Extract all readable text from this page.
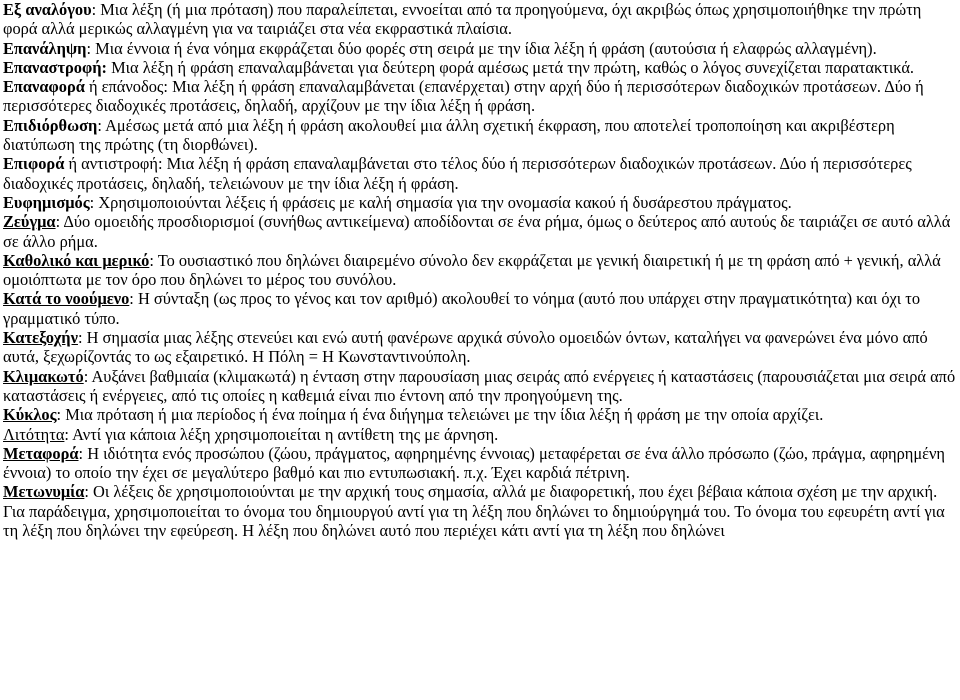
Εξ αναλόγου: Μια λέξη (ή μια πρόταση) που παραλείπεται, εννοείται από τα προηγούμενα, όχι ακριβώς όπως χρησιμοποιήθηκε την πρώτη φορά αλλά μερικώς αλλαγμένη για να ταιριάζει στα νέα εκφραστικά πλαίσια.

Επανάληψη: Μια έννοια ή ένα νόημα εκφράζεται δύο φορές στη σειρά με την ίδια λέξη ή φράση (αυτούσια ή ελαφρώς αλλαγμένη).

Επαναστροφή: Μια λέξη ή φράση επαναλαμβάνεται για δεύτερη φορά αμέσως μετά την πρώτη, καθώς ο λόγος συνεχίζεται παρατακτικά.

Επαναφορά ή επάνοδος: Μια λέξη ή φράση επαναλαμβάνεται (επανέρχεται) στην αρχή δύο ή περισσότερων διαδοχικών προτάσεων. Δύο ή περισσότερες διαδοχικές προτάσεις, δηλαδή, αρχίζουν με την ίδια λέξη ή φράση.

Επιδιόρθωση: Αμέσως μετά από μια λέξη ή φράση ακολουθεί μια άλλη σχετική έκφραση, που αποτελεί τροποποίηση και ακριβέστερη διατύπωση της πρώτης (τη διορθώνει).

Επιφορά ή αντιστροφή: Μια λέξη ή φράση επαναλαμβάνεται στο τέλος δύο ή περισσότερων διαδοχικών προτάσεων. Δύο ή περισσότερες διαδοχικές προτάσεις, δηλαδή, τελειώνουν με την ίδια λέξη ή φράση.

Ευφημισμός: Χρησιμοποιούνται λέξεις ή φράσεις με καλή σημασία για την ονομασία κακού ή δυσάρεστου πράγματος.

Ζεύγμα: Δύο ομοειδής προσδιορισμοί (συνήθως αντικείμενα) αποδίδονται σε ένα ρήμα, όμως ο δεύτερος από αυτούς δε ταιριάζει σε αυτό αλλά σε άλλο ρήμα.

Καθολικό και μερικό: Το ουσιαστικό που δηλώνει διαιρεμένο σύνολο δεν εκφράζεται με γενική διαιρετική ή με τη φράση από + γενική, αλλά ομοιόπτωτα με τον όρο που δηλώνει το μέρος του συνόλου.

Κατά το νοούμενο: Η σύνταξη (ως προς το γένος και τον αριθμό) ακολουθεί το νόημα (αυτό που υπάρχει στην πραγματικότητα) και όχι το γραμματικό τύπο.

Κατεξοχήν: Η σημασία μιας λέξης στενεύει και ενώ αυτή φανέρωνε αρχικά σύνολο ομοειδών όντων, καταλήγει να φανερώνει ένα μόνο από αυτά, ξεχωρίζοντάς το ως εξαιρετικό. Η Πόλη = Η Κωνσταντινούπολη.

Κλιμακωτό: Αυξάνει βαθμιαία (κλιμακωτά) η ένταση στην παρουσίαση μιας σειράς από ενέργειες ή καταστάσεις (παρουσιάζεται μια σειρά από καταστάσεις ή ενέργειες, από τις οποίες η καθεμιά είναι πιο έντονη από την προηγούμενη της.

Κύκλος: Μια πρόταση ή μια περίοδος ή ένα ποίημα ή ένα διήγημα τελειώνει με την ίδια λέξη ή φράση με την οποία αρχίζει.

Λιτότητα: Αντί για κάποια λέξη χρησιμοποιείται η αντίθετη της με άρνηση.

Μεταφορά: Η ιδιότητα ενός προσώπου (ζώου, πράγματος, αφηρημένης έννοιας) μεταφέρεται σε ένα άλλο πρόσωπο (ζώο, πράγμα, αφηρημένη έννοια) το οποίο την έχει σε μεγαλύτερο βαθμό και πιο εντυπωσιακή. π.χ. Έχει καρδιά πέτρινη.

Μετωνυμία: Οι λέξεις δε χρησιμοποιούνται με την αρχική τους σημασία, αλλά με διαφορετική, που έχει βέβαια κάποια σχέση με την αρχική. Για παράδειγμα, χρησιμοποιείται το όνομα του δημιουργού αντί για τη λέξη που δηλώνει το δημιούργημά του. Το όνομα του εφευρέτη αντί για τη λέξη που δηλώνει την εφεύρεση. Η λέξη που δηλώνει αυτό που περιέχει κάτι αντί για τη λέξη που δηλώνει
